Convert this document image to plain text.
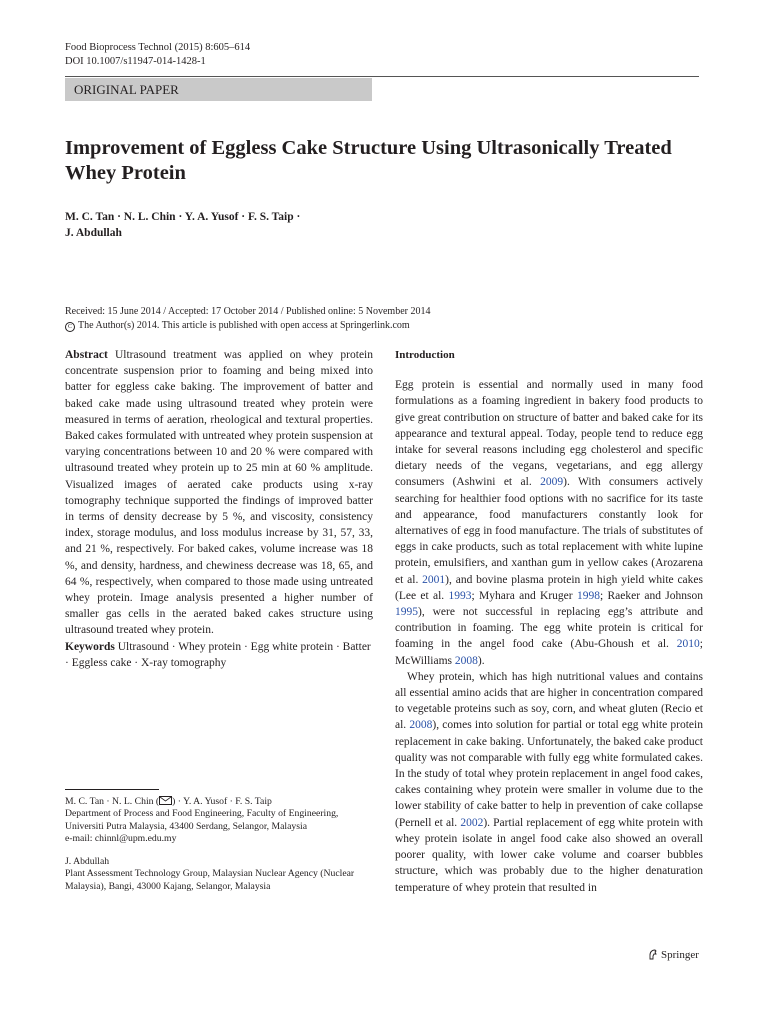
Food Bioprocess Technol (2015) 8:605–614
DOI 10.1007/s11947-014-1428-1
ORIGINAL PAPER
Improvement of Eggless Cake Structure Using Ultrasonically Treated Whey Protein
M. C. Tan · N. L. Chin · Y. A. Yusof · F. S. Taip ·
J. Abdullah
Received: 15 June 2014 / Accepted: 17 October 2014 / Published online: 5 November 2014
C The Author(s) 2014. This article is published with open access at Springerlink.com

Abstract Ultrasound treatment was applied on whey protein concentrate suspension prior to foaming and being mixed into batter for eggless cake baking. The improvement of batter and baked cake made using ultrasound treated whey protein were measured in terms of aeration, rheological and textural properties. Baked cakes formulated with untreated whey protein suspension at varying concentrations between 10 and 20 % were compared with ultrasound treated whey protein up to 25 min at 60 % amplitude. Visualized images of aerated cake products using x-ray tomography technique supported the findings of improved batter in terms of density decrease by 5 %, and viscosity, consistency index, storage modulus, and loss modulus increase by 31, 57, 33, and 21 %, respectively. For baked cakes, volume increase was 18 %, and density, hardness, and chewiness decrease was 18, 65, and 64 %, respectively, when compared to those made using untreated whey protein. Image analysis presented a higher number of smaller gas cells in the aerated baked cakes structure using ultrasound treated whey protein.

Keywords Ultrasound · Whey protein · Egg white protein · Batter · Eggless cake · X-ray tomography

M. C. Tan · N. L. Chin ( ) · Y. A. Yusof · F. S. Taip

Department of Process and Food Engineering, Faculty of Engineering, Universiti Putra Malaysia, 43400 Serdang, Selangor, Malaysia

e-mail: chinnl@upm.edu.my

J. Abdullah

Plant Assessment Technology Group, Malaysian Nuclear Agency (Nuclear Malaysia), Bangi, 43000 Kajang, Selangor, Malaysia

Introduction

Egg protein is essential and normally used in many food formulations as a foaming ingredient in bakery food products to give great contribution on structure of batter and baked cake for its appearance and textural appeal. Today, people tend to reduce egg intake for several reasons including egg cholesterol and specific dietary needs of the vegans, vegetarians, and egg allergy consumers (Ashwini et al. 2009). With consumers actively searching for healthier food options with no sacrifice for its taste and appearance, food manufacturers constantly look for alternatives of egg in food manufacture. The trials of substitutes of eggs in cake products, such as total replacement with white lupine protein, emulsifiers, and xanthan gum in yellow cakes (Arozarena et al. 2001), and bovine plasma protein in high yield white cakes (Lee et al. 1993; Myhara and Kruger 1998; Raeker and Johnson 1995), were not successful in replacing egg’s attribute and contribution in foaming. The egg white protein is critical for foaming in the angel food cake (Abu-Ghoush et al. 2010; McWilliams 2008).

Whey protein, which has high nutritional values and contains all essential amino acids that are higher in concentration compared to vegetable proteins such as soy, corn, and wheat gluten (Recio et al. 2008), comes into solution for partial or total egg white protein replacement in cake baking. Unfortunately, the baked cake product quality was not comparable with fully egg white formulated cakes. In the study of total whey protein replacement in angel food cakes, cakes containing whey protein were smaller in volume due to the lower stability of cake batter to help in prevention of cake collapse (Pernell et al. 2002). Partial replacement of egg white protein with whey protein isolate in angel food cake also showed an overall poorer quality, with lower cake volume and coarser bubbles structure, which was probably due to the higher denaturation temperature of whey protein that resulted in

Springer
